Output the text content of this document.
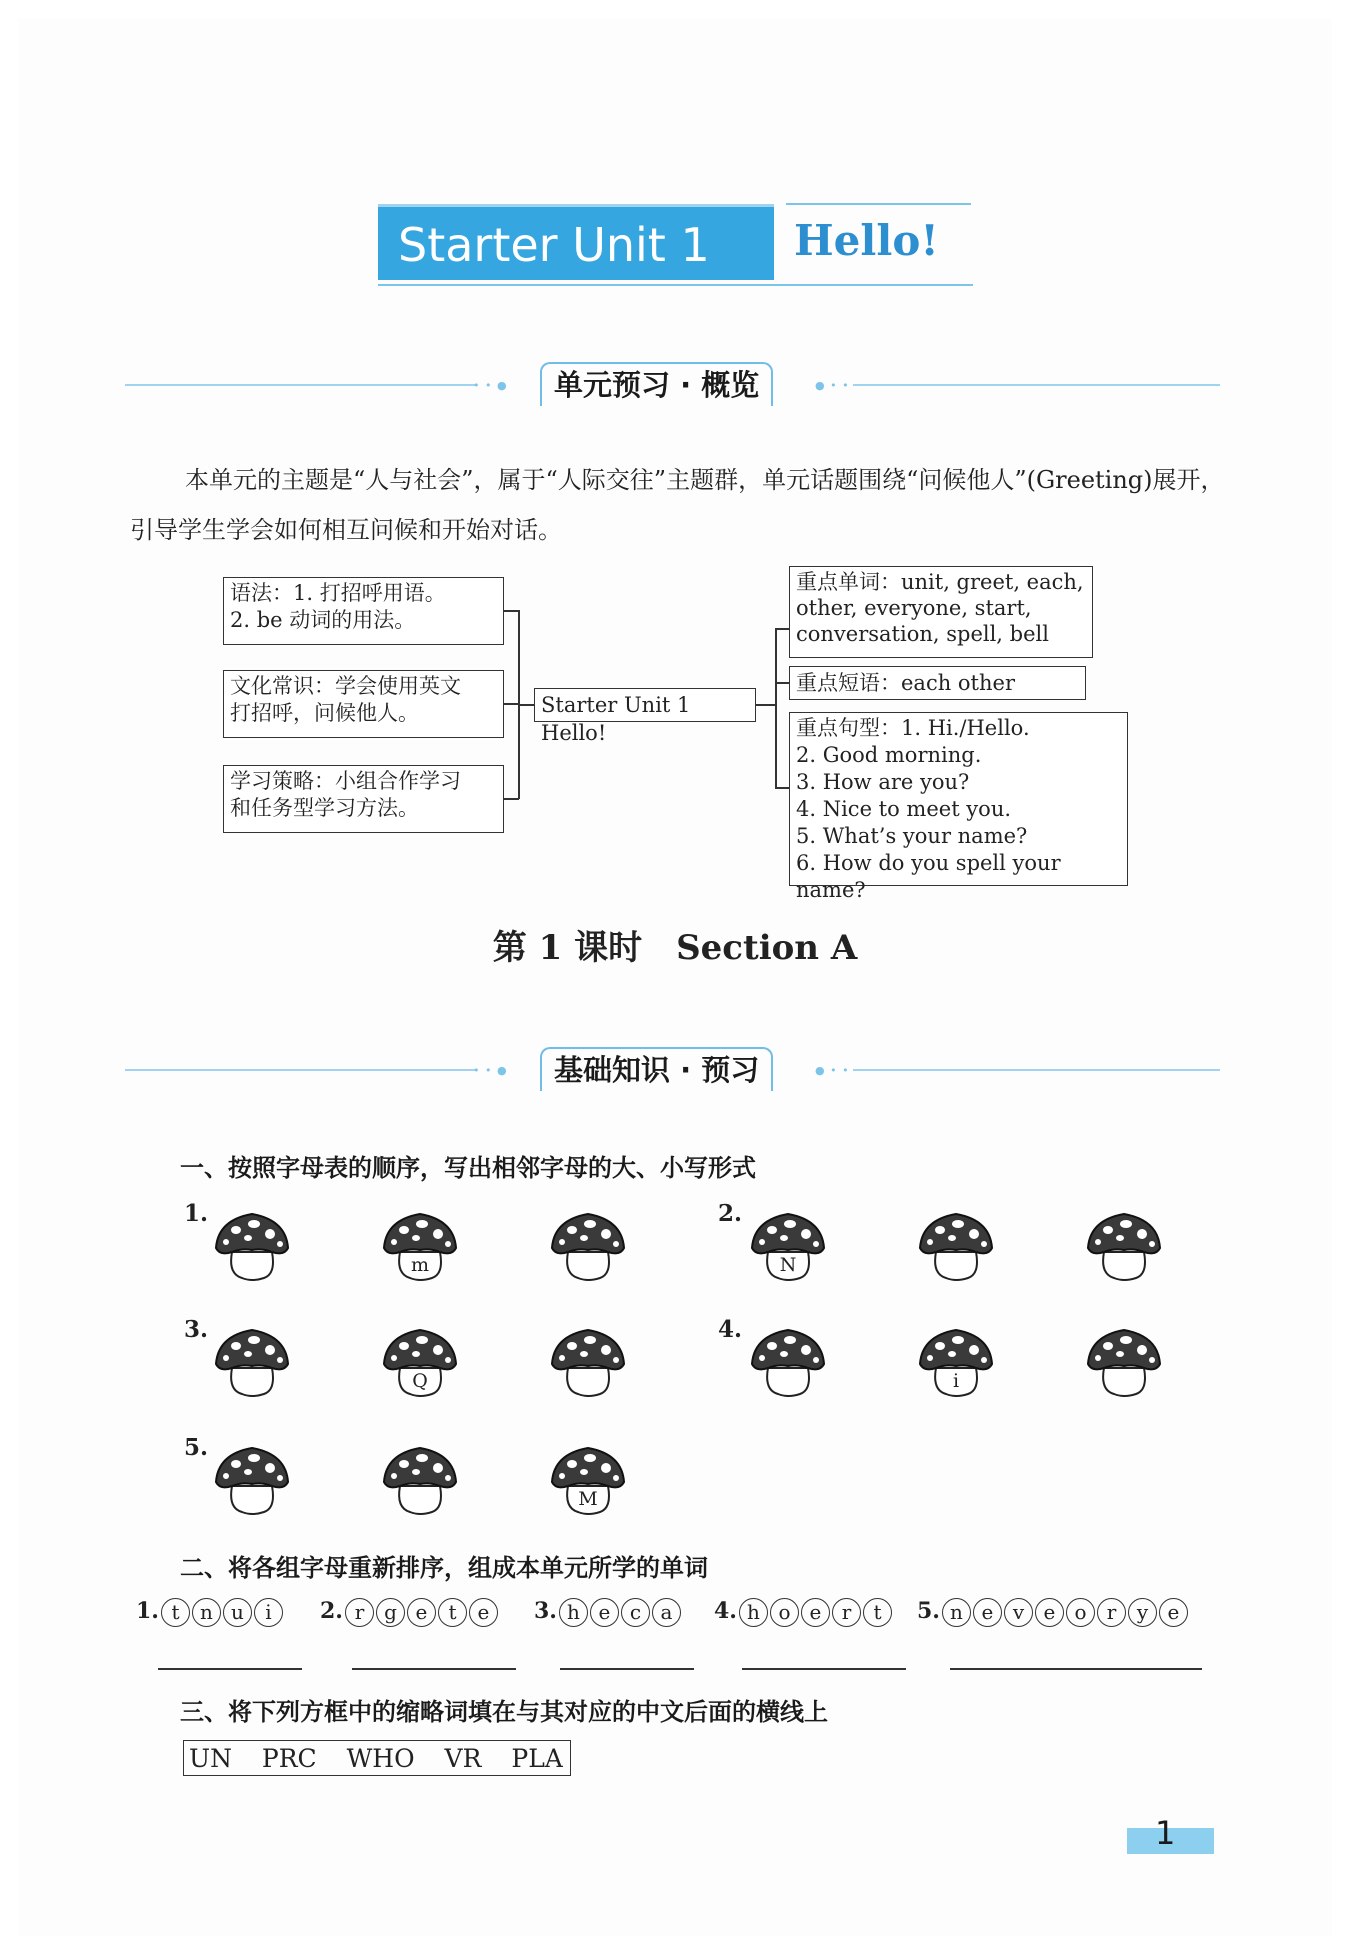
Starter Unit 1	Hello!
• • ●	单元预习 · 概览	● • •
本单元的主题是“人与社会”，属于“人际交往”主题群，单元话题围绕“问候他人”(Greeting)展开，引导学生学会如何相互问候和开始对话。
语法：1. 打招呼用语。
2. be 动词的用法。
文化常识：学会使用英文
打招呼，问候他人。
学习策略：小组合作学习
和任务型学习方法。
Starter Unit 1 Hello!
重点单词：unit, greet, each,
other, everyone, start,
conversation, spell, bell
重点短语：each other
重点句型：1. Hi./Hello.
2. Good morning.
3. How are you?
4. Nice to meet you.
5. What’s your name?
6. How do you spell your name?
第 1 课时　Section A
• • ●	基础知识 · 预习	● • •
一、按照字母表的顺序，写出相邻字母的大、小写形式
1.
m
2.
N
3.
Q
4.
i
5.
M
二、将各组字母重新排序，组成本单元所学的单词
1. t n u i	2. r g e t e	3. h e c a	4. h o e r t	5. n e v e o r y e
三、将下列方框中的缩略词填在与其对应的中文后面的横线上
UN PRC WHO VR PLA
1
